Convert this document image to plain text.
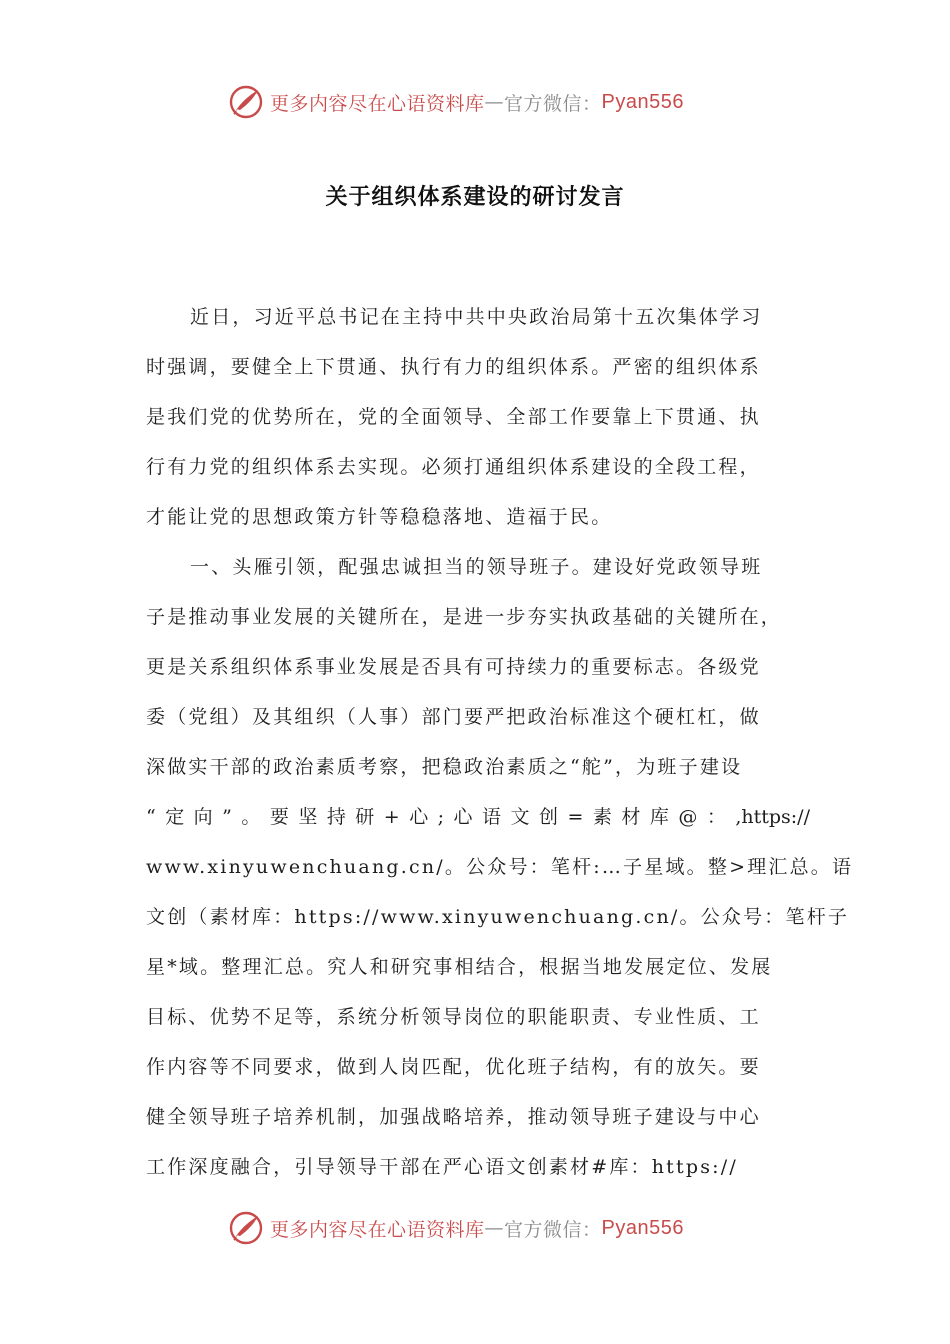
更多内容尽在心语资料库 — 官方微信： Pyan556
关于组织体系建设的研讨发言
近日，习近平总书记在主持中共中央政治局第十五次集体学习
时强调，要健全上下贯通、执行有力的组织体系。严密的组织体系
是我们党的优势所在，党的全面领导、全部工作要靠上下贯通、执
行有力党的组织体系去实现。必须打通组织体系建设的全段工程，
才能让党的思想政策方针等稳稳落地、造福于民。
一、头雁引领，配强忠诚担当的领导班子。建设好党政领导班
子是推动事业发展的关键所在，是进一步夯实执政基础的关键所在，
更是关系组织体系事业发展是否具有可持续力的重要标志。各级党
委（党组）及其组织（人事）部门要严把政治标准这个硬杠杠，做
深做实干部的政治素质考察，把稳政治素质之“舵”，为班子建设
“定向”。要坚持研+心;心语文创=素材库@：,https://
www.xinyuwenchuang.cn/。公众号：笔杆:…子星域。整>理汇总。语
文创（素材库：https://www.xinyuwenchuang.cn/。公众号：笔杆子
星*域。整理汇总。究人和研究事相结合，根据当地发展定位、发展
目标、优势不足等，系统分析领导岗位的职能职责、专业性质、工
作内容等不同要求，做到人岗匹配，优化班子结构，有的放矢。要
健全领导班子培养机制，加强战略培养，推动领导班子建设与中心
工作深度融合，引导领导干部在严心语文创素材#库：https://
更多内容尽在心语资料库 — 官方微信： Pyan556
